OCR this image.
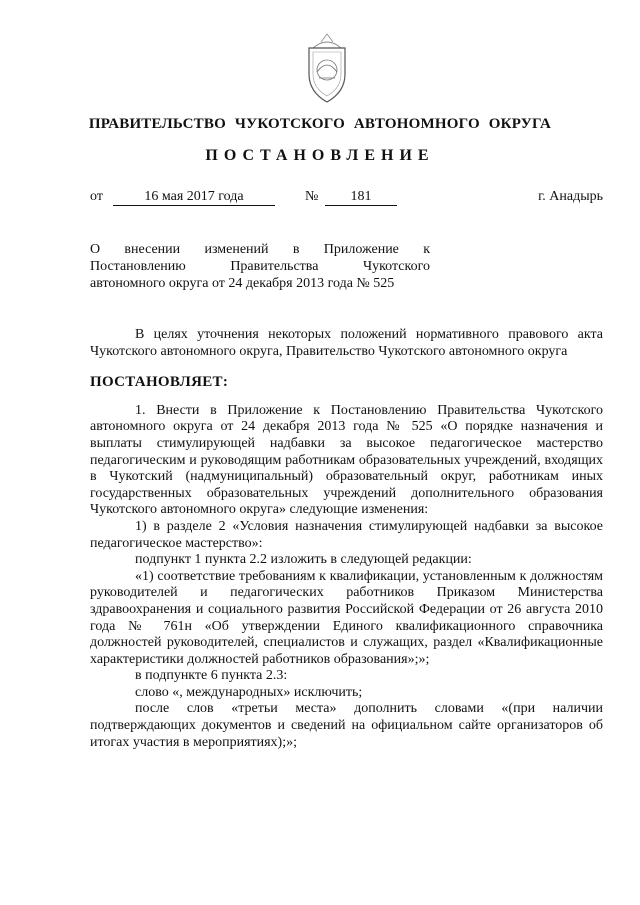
ПРАВИТЕЛЬСТВО ЧУКОТСКОГО АВТОНОМНОГО ОКРУГА
ПОСТАНОВЛЕНИЕ
от	16 мая 2017 года	№	181	г. Анадырь
О внесении изменений в Приложение к
Постановлению Правительства Чукотского
автономного округа от 24 декабря 2013 года № 525

В целях уточнения некоторых положений нормативного правового акта Чукотского автономного округа, Правительство Чукотского автономного округа

ПОСТАНОВЛЯЕТ:

1. Внести в Приложение к Постановлению Правительства Чукотского автономного округа от 24 декабря 2013 года № 525 «О порядке назначения и выплаты стимулирующей надбавки за высокое педагогическое мастерство педагогическим и руководящим работникам образовательных учреждений, входящих в Чукотский (надмуниципальный) образовательный округ, работникам иных государственных образовательных учреждений дополнительного образования Чукотского автономного округа» следующие изменения:

1) в разделе 2 «Условия назначения стимулирующей надбавки за высокое педагогическое мастерство»:

подпункт 1 пункта 2.2 изложить в следующей редакции:

«1) соответствие требованиям к квалификации, установленным к должностям руководителей и педагогических работников Приказом Министерства здравоохранения и социального развития Российской Федерации от 26 августа 2010 года № 761н «Об утверждении Единого квалификационного справочника должностей руководителей, специалистов и служащих, раздел «Квалификационные характеристики должностей работников образования»;»;

в подпункте 6 пункта 2.3:

слово «, международных» исключить;

после слов «третьи места» дополнить словами «(при наличии подтверждающих документов и сведений на официальном сайте организаторов об итогах участия в мероприятиях);»;
